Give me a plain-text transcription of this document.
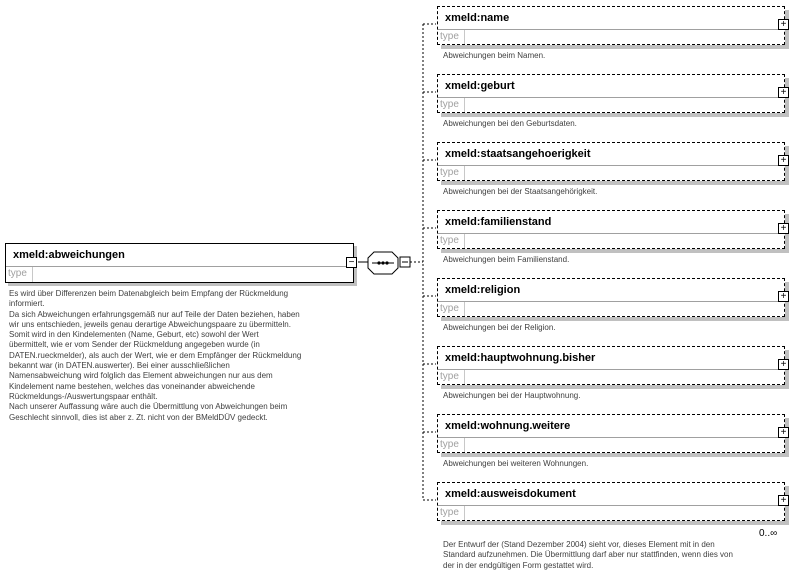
xmeld:abweichungen
type
−
Es wird über Differenzen beim Datenabgleich beim Empfang der Rückmeldung
informiert.
Da sich Abweichungen erfahrungsgemäß nur auf Teile der Daten beziehen, haben
wir uns entschieden, jeweils genau derartige Abweichungspaare zu übermitteln.
Somit wird in den Kindelementen (Name, Geburt, etc) sowohl der Wert
übermittelt, wie er vom Sender der Rückmeldung angegeben wurde (in
DATEN.rueckmelder), als auch der Wert, wie er dem Empfänger der Rückmeldung
bekannt war (in DATEN.auswerter). Bei einer ausschließlichen
Namensabweichung wird folglich das Element abweichungen nur aus dem
Kindelement name bestehen, welches das voneinander abweichende
Rückmeldungs-/Auswertungspaar enthält.
Nach unserer Auffassung wäre auch die Übermittlung von Abweichungen beim
Geschlecht sinnvoll, dies ist aber z. Zt. nicht von der BMeldDÜV gedeckt.
xmeld:name
type
+
Abweichungen beim Namen.
xmeld:geburt
type
+
Abweichungen bei den Geburtsdaten.
xmeld:staatsangehoerigkeit
type
+
Abweichungen bei der Staatsangehörigkeit.
xmeld:familienstand
type
+
Abweichungen beim Familienstand.
xmeld:religion
type
+
Abweichungen bei der Religion.
xmeld:hauptwohnung.bisher
type
+
Abweichungen bei der Hauptwohnung.
xmeld:wohnung.weitere
type
+
Abweichungen bei weiteren Wohnungen.
xmeld:ausweisdokument
type
+
0..∞
Der Entwurf der (Stand Dezember 2004) sieht vor, dieses Element mit in den
Standard aufzunehmen. Die Übermittlung darf aber nur stattfinden, wenn dies von
der in der endgültigen Form gestattet wird.
